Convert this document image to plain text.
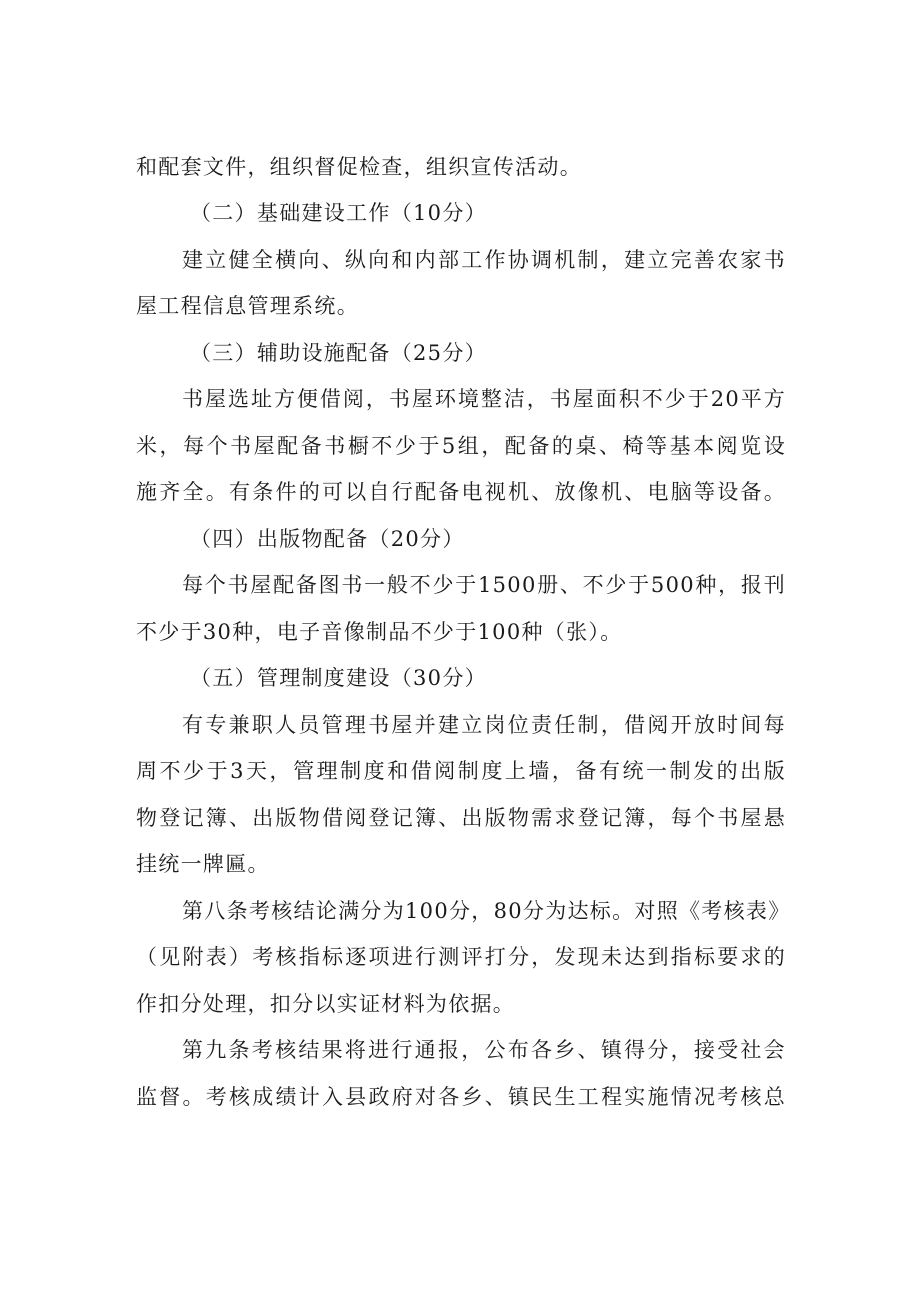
和配套文件，组织督促检查，组织宣传活动。
（二）基础建设工作（10分）
建立健全横向、纵向和内部工作协调机制，建立完善农家书
屋工程信息管理系统。
（三）辅助设施配备（25分）
书屋选址方便借阅，书屋环境整洁，书屋面积不少于20平方
米，每个书屋配备书橱不少于5组，配备的桌、椅等基本阅览设
施齐全。有条件的可以自行配备电视机、放像机、电脑等设备。
（四）出版物配备（20分）
每个书屋配备图书一般不少于1500册、不少于500种，报刊
不少于30种，电子音像制品不少于100种（张）。
（五）管理制度建设（30分）
有专兼职人员管理书屋并建立岗位责任制，借阅开放时间每
周不少于3天，管理制度和借阅制度上墙，备有统一制发的出版
物登记簿、出版物借阅登记簿、出版物需求登记簿，每个书屋悬
挂统一牌匾。
第八条考核结论满分为100分，80分为达标。对照《考核表》
（见附表）考核指标逐项进行测评打分，发现未达到指标要求的
作扣分处理，扣分以实证材料为依据。
第九条考核结果将进行通报，公布各乡、镇得分，接受社会
监督。考核成绩计入县政府对各乡、镇民生工程实施情况考核总
